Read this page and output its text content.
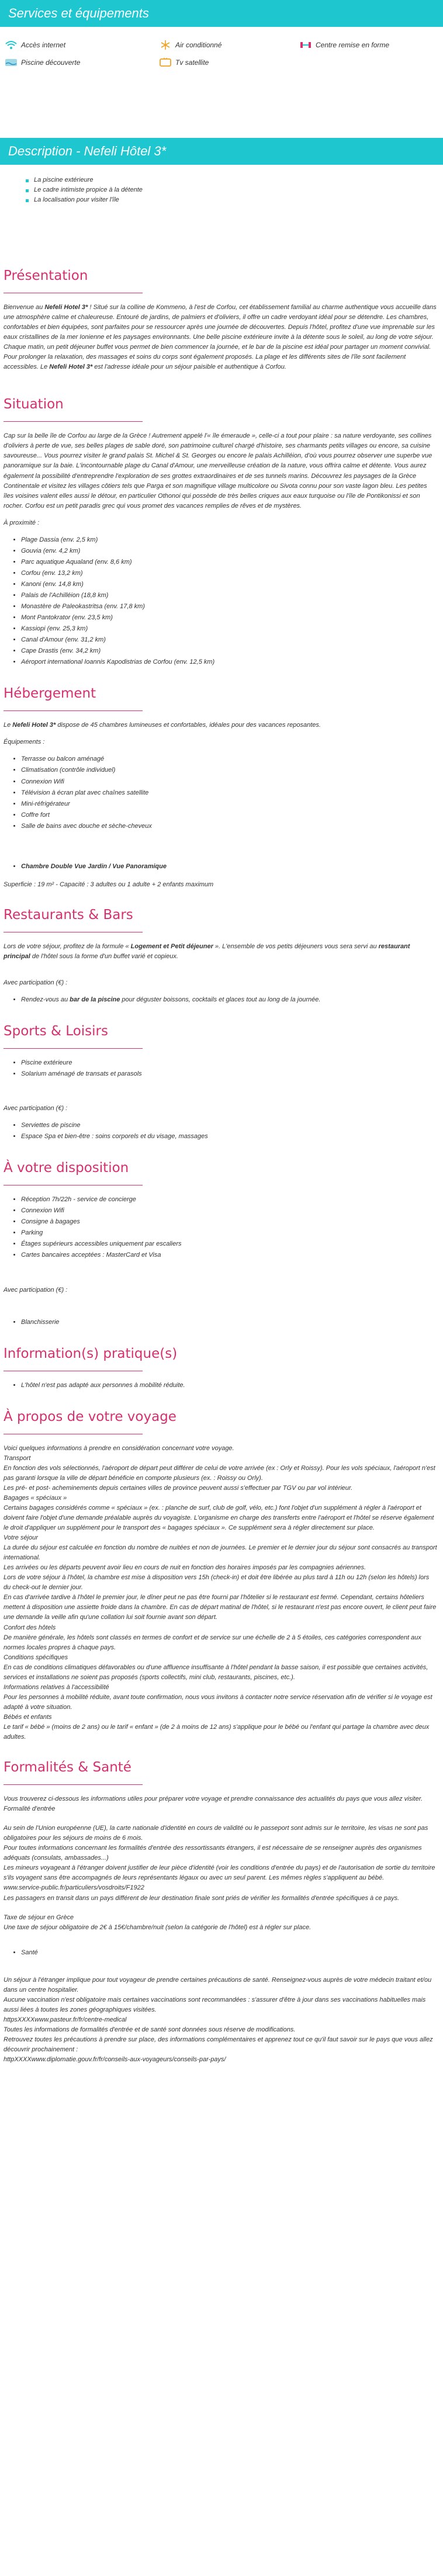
Services et équipements
Accès internet	Air conditionné	Centre remise en forme
Piscine découverte	Tv satellite
Description - Nefeli Hôtel 3*
La piscine extérieure
Le cadre intimiste propice à la détente
La localisation pour visiter l'île
Présentation

Bienvenue au Nefeli Hotel 3* ! Situé sur la colline de Kommeno, à l'est de Corfou, cet établissement familial au charme authentique vous accueille dans une atmosphère calme et chaleureuse. Entouré de jardins, de palmiers et d'oliviers, il offre un cadre verdoyant idéal pour se détendre. Les chambres, confortables et bien équipées, sont parfaites pour se ressourcer après une journée de découvertes. Depuis l'hôtel, profitez d'une vue imprenable sur les eaux cristallines de la mer Ionienne et les paysages environnants. Une belle piscine extérieure invite à la détente sous le soleil, au long de votre séjour. Chaque matin, un petit déjeuner buffet vous permet de bien commencer la journée, et le bar de la piscine est idéal pour partager un moment convivial. Pour prolonger la relaxation, des massages et soins du corps sont également proposés. La plage et les différents sites de l'île sont facilement accessibles. Le Nefeli Hotel 3* est l'adresse idéale pour un séjour paisible et authentique à Corfou.

Situation

Cap sur la belle île de Corfou au large de la Grèce ! Autrement appelé l'« île émeraude », celle-ci a tout pour plaire : sa nature verdoyante, ses collines d'oliviers à perte de vue, ses belles plages de sable doré, son patrimoine culturel chargé d'histoire, ses charmants petits villages ou encore, sa cuisine savoureuse... Vous pourrez visiter le grand palais St. Michel & St. Georges ou encore le palais Achilléion, d'où vous pourrez observer une superbe vue panoramique sur la baie. L'incontournable plage du Canal d'Amour, une merveilleuse création de la nature, vous offrira calme et détente. Vous aurez également la possibilité d'entreprendre l'exploration de ses grottes extraordinaires et de ses tunnels marins. Découvrez les paysages de la Grèce Continentale et visitez les villages côtiers tels que Parga et son magnifique village multicolore ou Sivota connu pour son vaste lagon bleu. Les petites îles voisines valent elles aussi le détour, en particulier Othonoi qui possède de très belles criques aux eaux turquoise ou l'île de Pontikonissi et son rocher. Corfou est un petit paradis grec qui vous promet des vacances remplies de rêves et de mystères.

À proximité :

• Plage Dassia (env. 2,5 km)
• Gouvia (env. 4,2 km)
• Parc aquatique Aqualand (env. 8,6 km)
• Corfou (env. 13,2 km)
• Kanoni (env. 14,8 km)
• Palais de l'Achilléion (18,8 km)
• Monastère de Paleokastritsa (env. 17,8 km)
• Mont Pantokrator (env. 23,5 km)
• Kassiopi (env. 25,3 km)
• Canal d'Amour (env. 31,2 km)
• Cape Drastis (env. 34,2 km)
• Aéroport international Ioannis Kapodistrias de Corfou (env. 12,5 km)
Hébergement

Le Nefeli Hotel 3* dispose de 45 chambres lumineuses et confortables, idéales pour des vacances reposantes.

Équipements :

• Terrasse ou balcon aménagé
• Climatisation (contrôle individuel)
• Connexion Wifi
• Télévision à écran plat avec chaînes satellite
• Mini-réfrigérateur
• Coffre fort
• Salle de bains avec douche et sèche-cheveux
• Chambre Double Vue Jardin / Vue Panoramique

Superficie : 19 m² - Capacité : 3 adultes ou 1 adulte + 2 enfants maximum

Restaurants & Bars

Lors de votre séjour, profitez de la formule « Logement et Petit déjeuner ». L'ensemble de vos petits déjeuners vous sera servi au restaurant principal de l'hôtel sous la forme d'un buffet varié et copieux.

Avec participation (€) :

• Rendez-vous au bar de la piscine pour déguster boissons, cocktails et glaces tout au long de la journée.
Sports & Loisirs
• Piscine extérieure
• Solarium aménagé de transats et parasols

Avec participation (€) :

• Serviettes de piscine
• Espace Spa et bien-être : soins corporels et du visage, massages
À votre disposition
• Réception 7h/22h - service de concierge
• Connexion Wifi
• Consigne à bagages
• Parking
• Étages supérieurs accessibles uniquement par escaliers
• Cartes bancaires acceptées : MasterCard et Visa

Avec participation (€) :

• Blanchisserie
Information(s) pratique(s)
• L'hôtel n'est pas adapté aux personnes à mobilité réduite.
À propos de votre voyage
Voici quelques informations à prendre en considération concernant votre voyage.
Transport
En fonction des vols sélectionnés, l'aéroport de départ peut différer de celui de votre arrivée (ex : Orly et Roissy). Pour les vols spéciaux, l'aéroport n'est pas garanti lorsque la ville de départ bénéficie en comporte plusieurs (ex. : Roissy ou Orly).
Les pré- et post- acheminements depuis certaines villes de province peuvent aussi s'effectuer par TGV ou par vol intérieur.
Bagages « spéciaux »
Certains bagages considérés comme « spéciaux » (ex. : planche de surf, club de golf, vélo, etc.) font l'objet d'un supplément à régler à l'aéroport et doivent faire l'objet d'une demande préalable auprès du voyagiste. L'organisme en charge des transferts entre l'aéroport et l'hôtel se réserve également le droit d'appliquer un supplément pour le transport des « bagages spéciaux ». Ce supplément sera à régler directement sur place.
Votre séjour
La durée du séjour est calculée en fonction du nombre de nuitées et non de journées. Le premier et le dernier jour du séjour sont consacrés au transport international.
Les arrivées ou les départs peuvent avoir lieu en cours de nuit en fonction des horaires imposés par les compagnies aériennes.
Lors de votre séjour à l'hôtel, la chambre est mise à disposition vers 15h (check-in) et doit être libérée au plus tard à 11h ou 12h (selon les hôtels) lors du check-out le dernier jour.
En cas d'arrivée tardive à l'hôtel le premier jour, le dîner peut ne pas être fourni par l'hôtelier si le restaurant est fermé. Cependant, certains hôteliers mettent à disposition une assiette froide dans la chambre. En cas de départ matinal de l'hôtel, si le restaurant n'est pas encore ouvert, le client peut faire une demande la veille afin qu'une collation lui soit fournie avant son départ.
Confort des hôtels
De manière générale, les hôtels sont classés en termes de confort et de service sur une échelle de 2 à 5 étoiles, ces catégories correspondent aux normes locales propres à chaque pays.
Conditions spécifiques
En cas de conditions climatiques défavorables ou d'une affluence insuffisante à l'hôtel pendant la basse saison, il est possible que certaines activités, services et installations ne soient pas proposés (sports collectifs, mini club, restaurants, piscines, etc.).
Informations relatives à l'accessibilité
Pour les personnes à mobilité réduite, avant toute confirmation, nous vous invitons à contacter notre service réservation afin de vérifier si le voyage est adapté à votre situation.
Bébés et enfants
Le tarif « bébé » (moins de 2 ans) ou le tarif « enfant » (de 2 à moins de 12 ans) s'applique pour le bébé ou l'enfant qui partage la chambre avec deux adultes.
Formalités & Santé
Vous trouverez ci-dessous les informations utiles pour préparer votre voyage et prendre connaissance des actualités du pays que vous allez visiter.
Formalité d'entrée
Au sein de l'Union européenne (UE), la carte nationale d'identité en cours de validité ou le passeport sont admis sur le territoire, les visas ne sont pas obligatoires pour les séjours de moins de 6 mois.
Pour toutes informations concernant les formalités d'entrée des ressortissants étrangers, il est nécessaire de se renseigner auprès des organismes adéquats (consulats, ambassades...)
Les mineurs voyageant à l'étranger doivent justifier de leur pièce d'identité (voir les conditions d'entrée du pays) et de l'autorisation de sortie du territoire s'ils voyagent sans être accompagnés de leurs représentants légaux ou avec un seul parent. Les mêmes règles s'appliquent au bébé.
www.service-public.fr/particuliers/vosdroits/F1922
Les passagers en transit dans un pays différent de leur destination finale sont priés de vérifier les formalités d'entrée spécifiques à ce pays.
Taxe de séjour en Grèce
Une taxe de séjour obligatoire de 2€ à 15€/chambre/nuit (selon la catégorie de l'hôtel) est à régler sur place.
• Santé
Un séjour à l'étranger implique pour tout voyageur de prendre certaines précautions de santé. Renseignez-vous auprès de votre médecin traitant et/ou dans un centre hospitalier.
Aucune vaccination n'est obligatoire mais certaines vaccinations sont recommandées : s'assurer d'être à jour dans ses vaccinations habituelles mais aussi liées à toutes les zones géographiques visitées.
httpsXXXXwww.pasteur.fr/fr/centre-medical
Toutes les informations de formalités d'entrée et de santé sont données sous réserve de modifications.
Retrouvez toutes les précautions à prendre sur place, des informations complémentaires et apprenez tout ce qu'il faut savoir sur le pays que vous allez découvrir prochainement :
httpXXXXwww.diplomatie.gouv.fr/fr/conseils-aux-voyageurs/conseils-par-pays/
